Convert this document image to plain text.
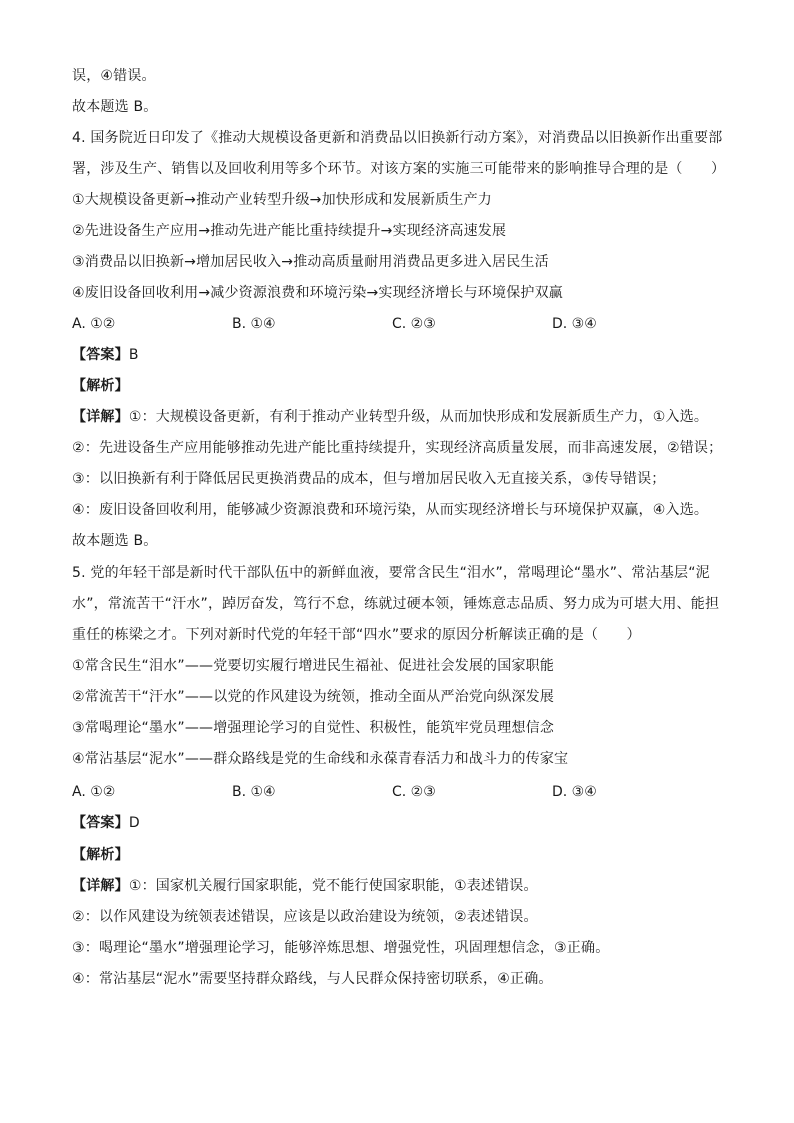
误，④错误。
故本题选 B。
4. 国务院近日印发了《推动大规模设备更新和消费品以旧换新行动方案》，对消费品以旧换新作出重要部
署，涉及生产、销售以及回收利用等多个环节。对该方案的实施三可能带来的影响推导合理的是（　　）
①大规模设备更新→推动产业转型升级→加快形成和发展新质生产力
②先进设备生产应用→推动先进产能比重持续提升→实现经济高速发展
③消费品以旧换新→增加居民收入→推动高质量耐用消费品更多进入居民生活
④废旧设备回收利用→减少资源浪费和环境污染→实现经济增长与环境保护双赢
A. ①②	B. ①④	C. ②③	D. ③④
【答案】B
【解析】
【详解】①：大规模设备更新，有利于推动产业转型升级，从而加快形成和发展新质生产力，①入选。
②：先进设备生产应用能够推动先进产能比重持续提升，实现经济高质量发展，而非高速发展，②错误；
③：以旧换新有利于降低居民更换消费品的成本，但与增加居民收入无直接关系，③传导错误；
④：废旧设备回收利用，能够减少资源浪费和环境污染，从而实现经济增长与环境保护双赢，④入选。
故本题选 B。
5. 党的年轻干部是新时代干部队伍中的新鲜血液，要常含民生“泪水”，常喝理论“墨水”、常沾基层“泥
水”，常流苦干“汗水”，踔厉奋发，笃行不怠，练就过硬本领，锤炼意志品质、努力成为可堪大用、能担
重任的栋梁之才。下列对新时代党的年轻干部“四水”要求的原因分析解读正确的是（　　）
①常含民生“泪水”——党要切实履行增进民生福祉、促进社会发展的国家职能
②常流苦干“汗水”——以党的作风建设为统领，推动全面从严治党向纵深发展
③常喝理论“墨水”——增强理论学习的自觉性、积极性，能筑牢党员理想信念
④常沾基层“泥水”——群众路线是党的生命线和永葆青春活力和战斗力的传家宝
A. ①②	B. ①④	C. ②③	D. ③④
【答案】D
【解析】
【详解】①：国家机关履行国家职能，党不能行使国家职能，①表述错误。
②：以作风建设为统领表述错误，应该是以政治建设为统领，②表述错误。
③：喝理论“墨水”增强理论学习，能够淬炼思想、增强党性，巩固理想信念，③正确。
④：常沾基层“泥水”需要坚持群众路线，与人民群众保持密切联系，④正确。
